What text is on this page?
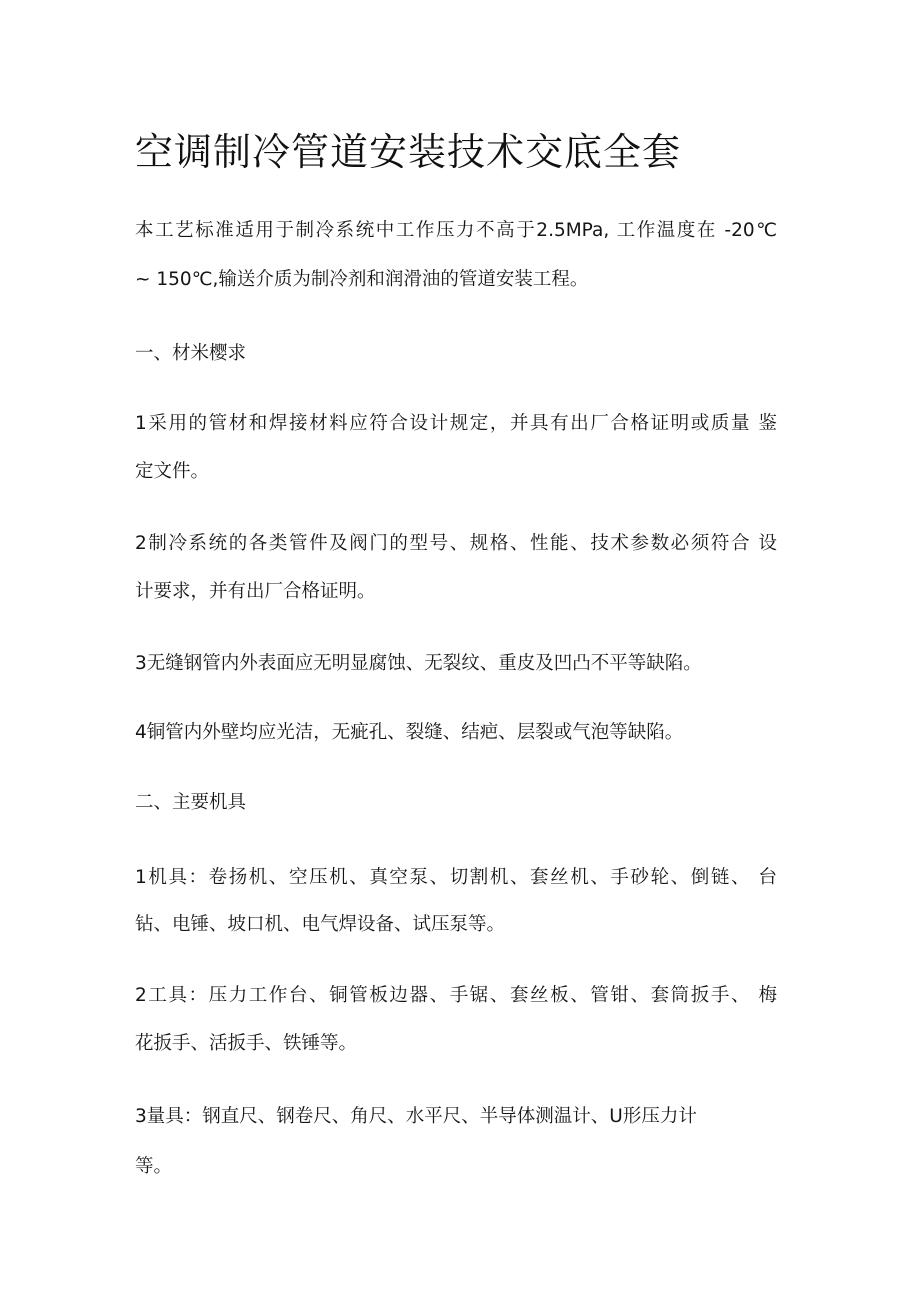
空调制冷管道安装技术交底全套

本工艺标准适用于制冷系统中工作压力不高于2.5MPa, 工作温度在 -20℃

~ 150℃,输送介质为制冷剂和润滑油的管道安装工程。

一、材米樱求

1采用的管材和焊接材料应符合设计规定，并具有出厂合格证明或质量 鉴

定文件。

2制冷系统的各类管件及阀门的型号、规格、性能、技术参数必须符合 设

计要求，并有出厂合格证明。

3无缝钢管内外表面应无明显腐蚀、无裂纹、重皮及凹凸不平等缺陷。

4铜管内外壁均应光洁，无疵孔、裂缝、结疤、层裂或气泡等缺陷。

二、主要机具

1机具：卷扬机、空压机、真空泵、切割机、套丝机、手砂轮、倒链、 台

钻、电锤、坡口机、电气焊设备、试压泵等。

2工具：压力工作台、铜管板边器、手锯、套丝板、管钳、套筒扳手、 梅

花扳手、活扳手、铁锤等。

3量具：钢直尺、钢卷尺、角尺、水平尺、半导体测温计、U形压力计

等。
